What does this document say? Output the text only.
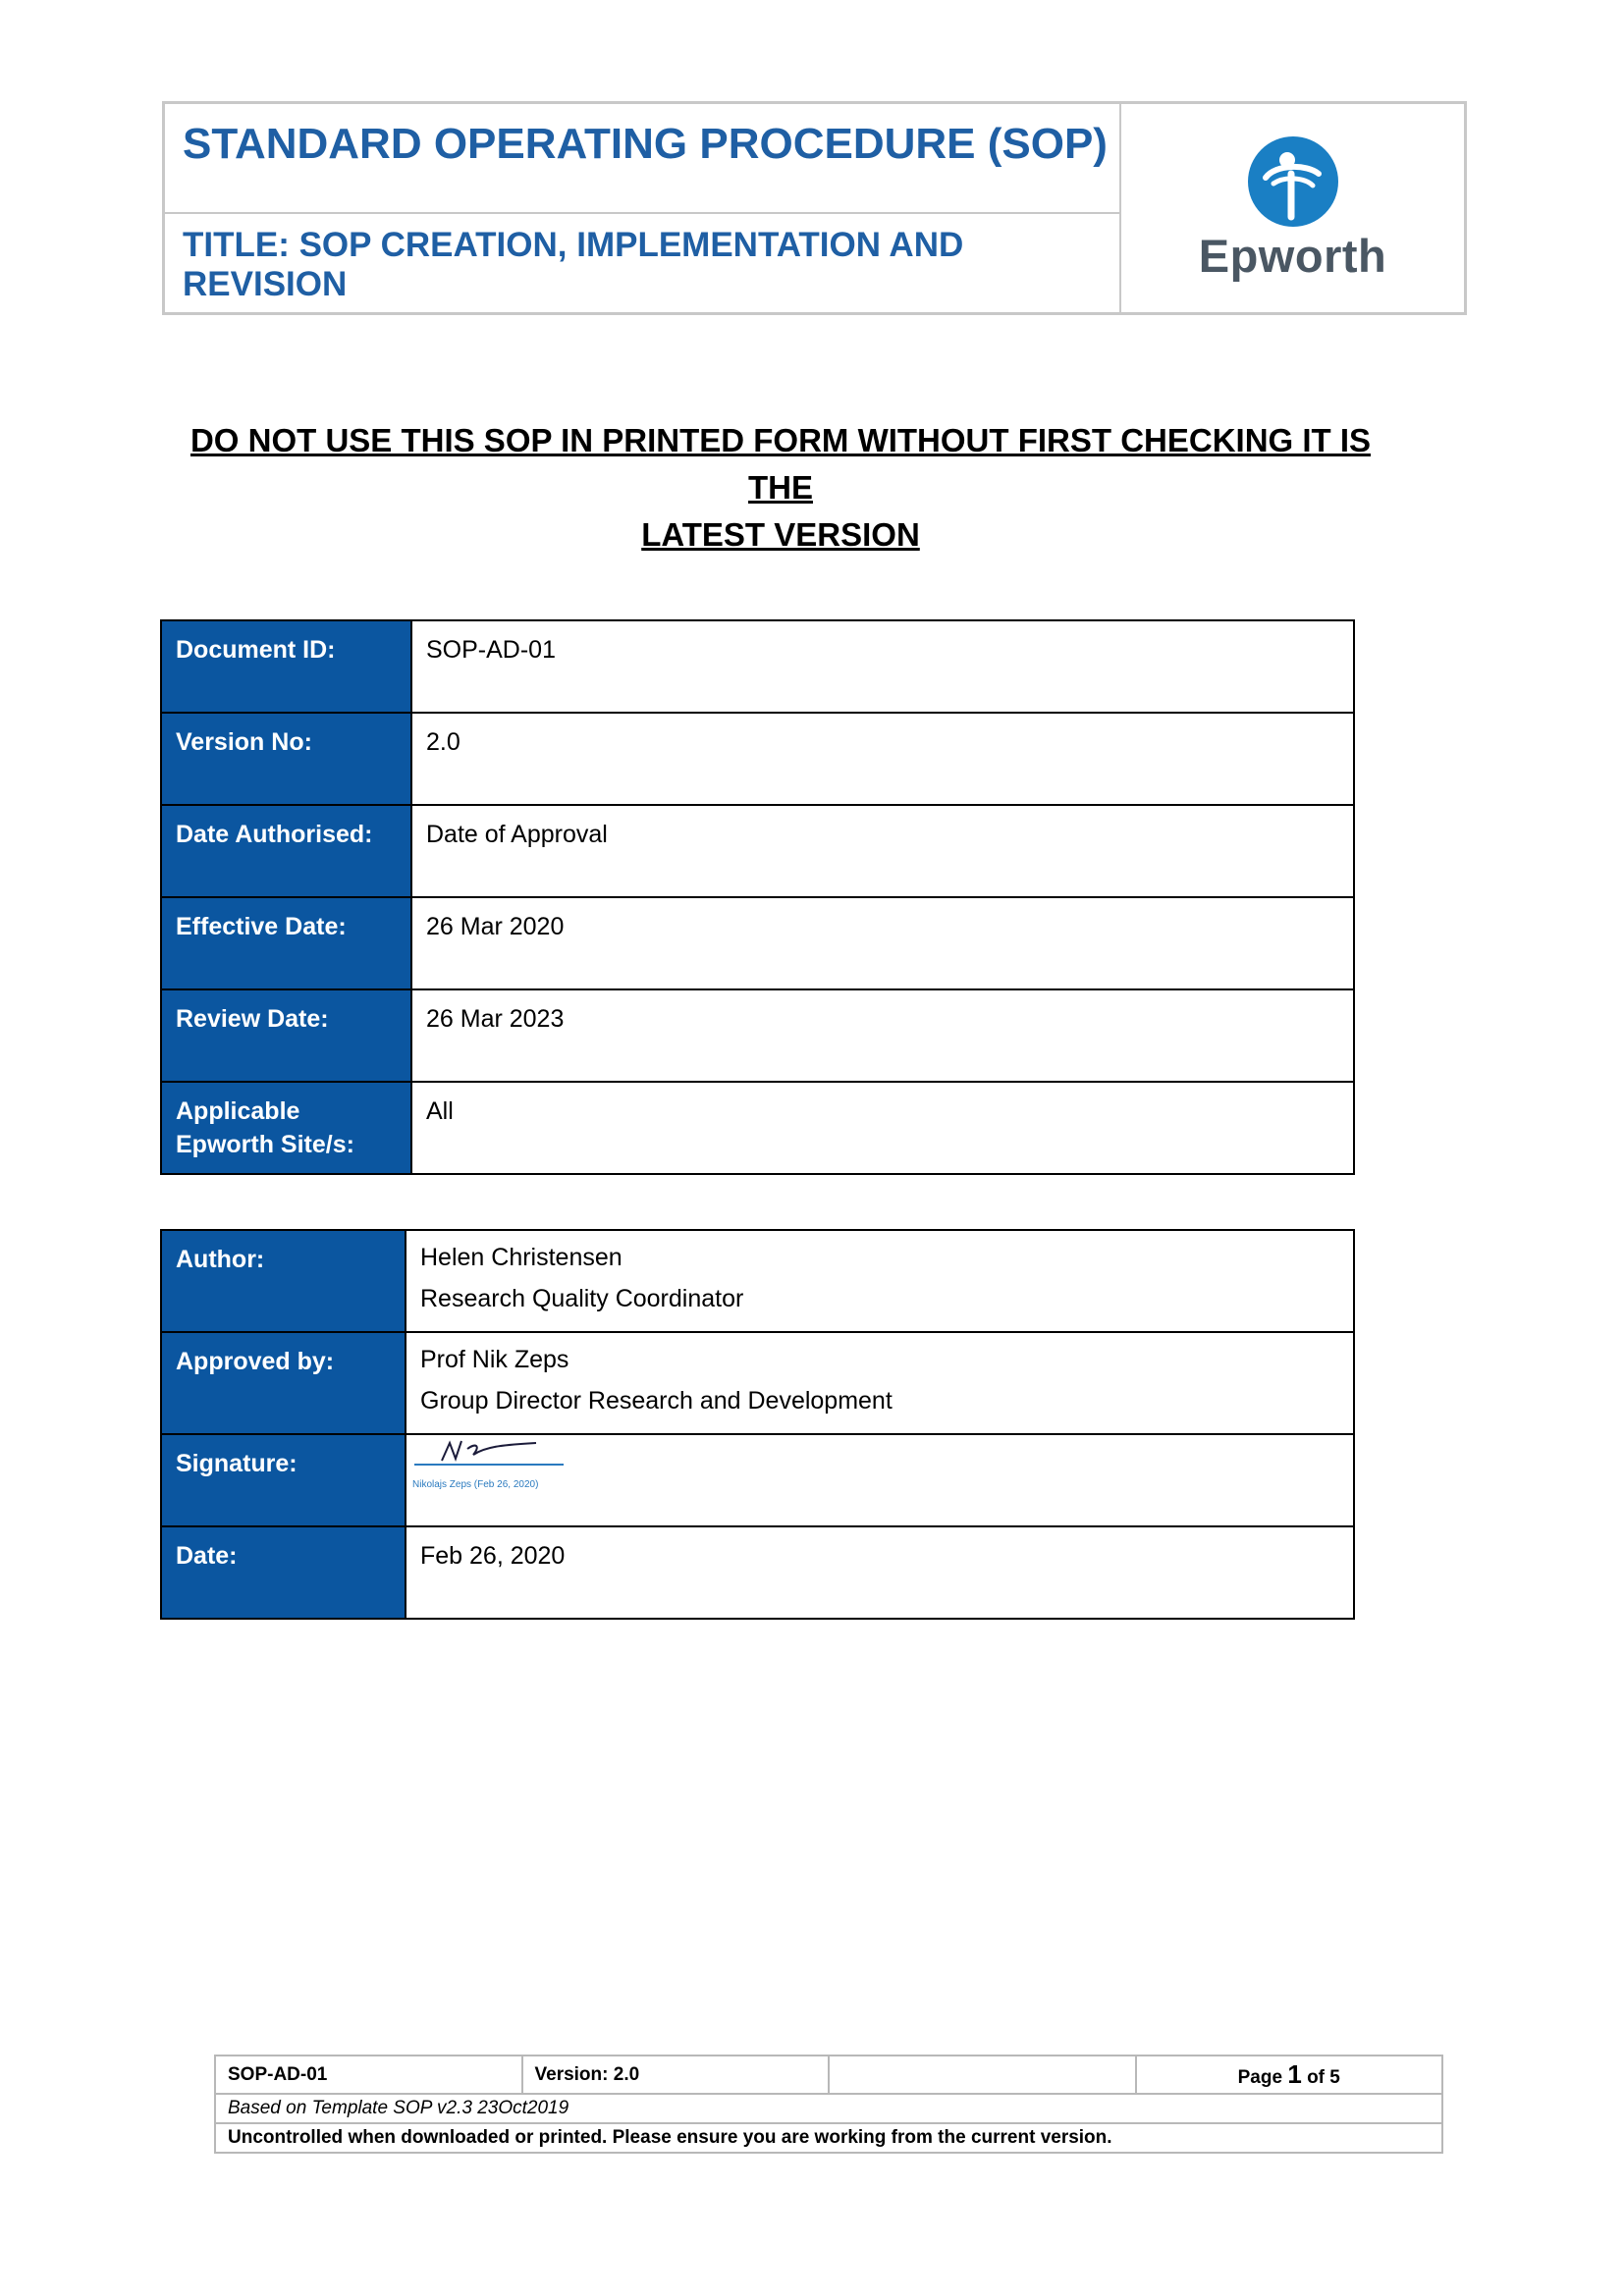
STANDARD OPERATING PROCEDURE (SOP)
TITLE: SOP CREATION, IMPLEMENTATION AND REVISION
Epworth
DO NOT USE THIS SOP IN PRINTED FORM WITHOUT FIRST CHECKING IT IS THE
LATEST VERSION
Document ID:	SOP-AD-01
Version No:	2.0
Date Authorised:	Date of Approval
Effective Date:	26 Mar 2020
Review Date:	26 Mar 2023

Applicable
Epworth Site/s:	All
Author:	Helen Christensen
Research Quality Coordinator

Approved by:	Prof Nik Zeps
Group Director Research and Development

Signature:	Nikolajs Zeps (Feb 26, 2020)

Date:	Feb 26, 2020
SOP-AD-01	Version: 2.0		Page 1 of 5
Based on Template SOP v2.3 23Oct2019
Uncontrolled when downloaded or printed. Please ensure you are working from the current version.
